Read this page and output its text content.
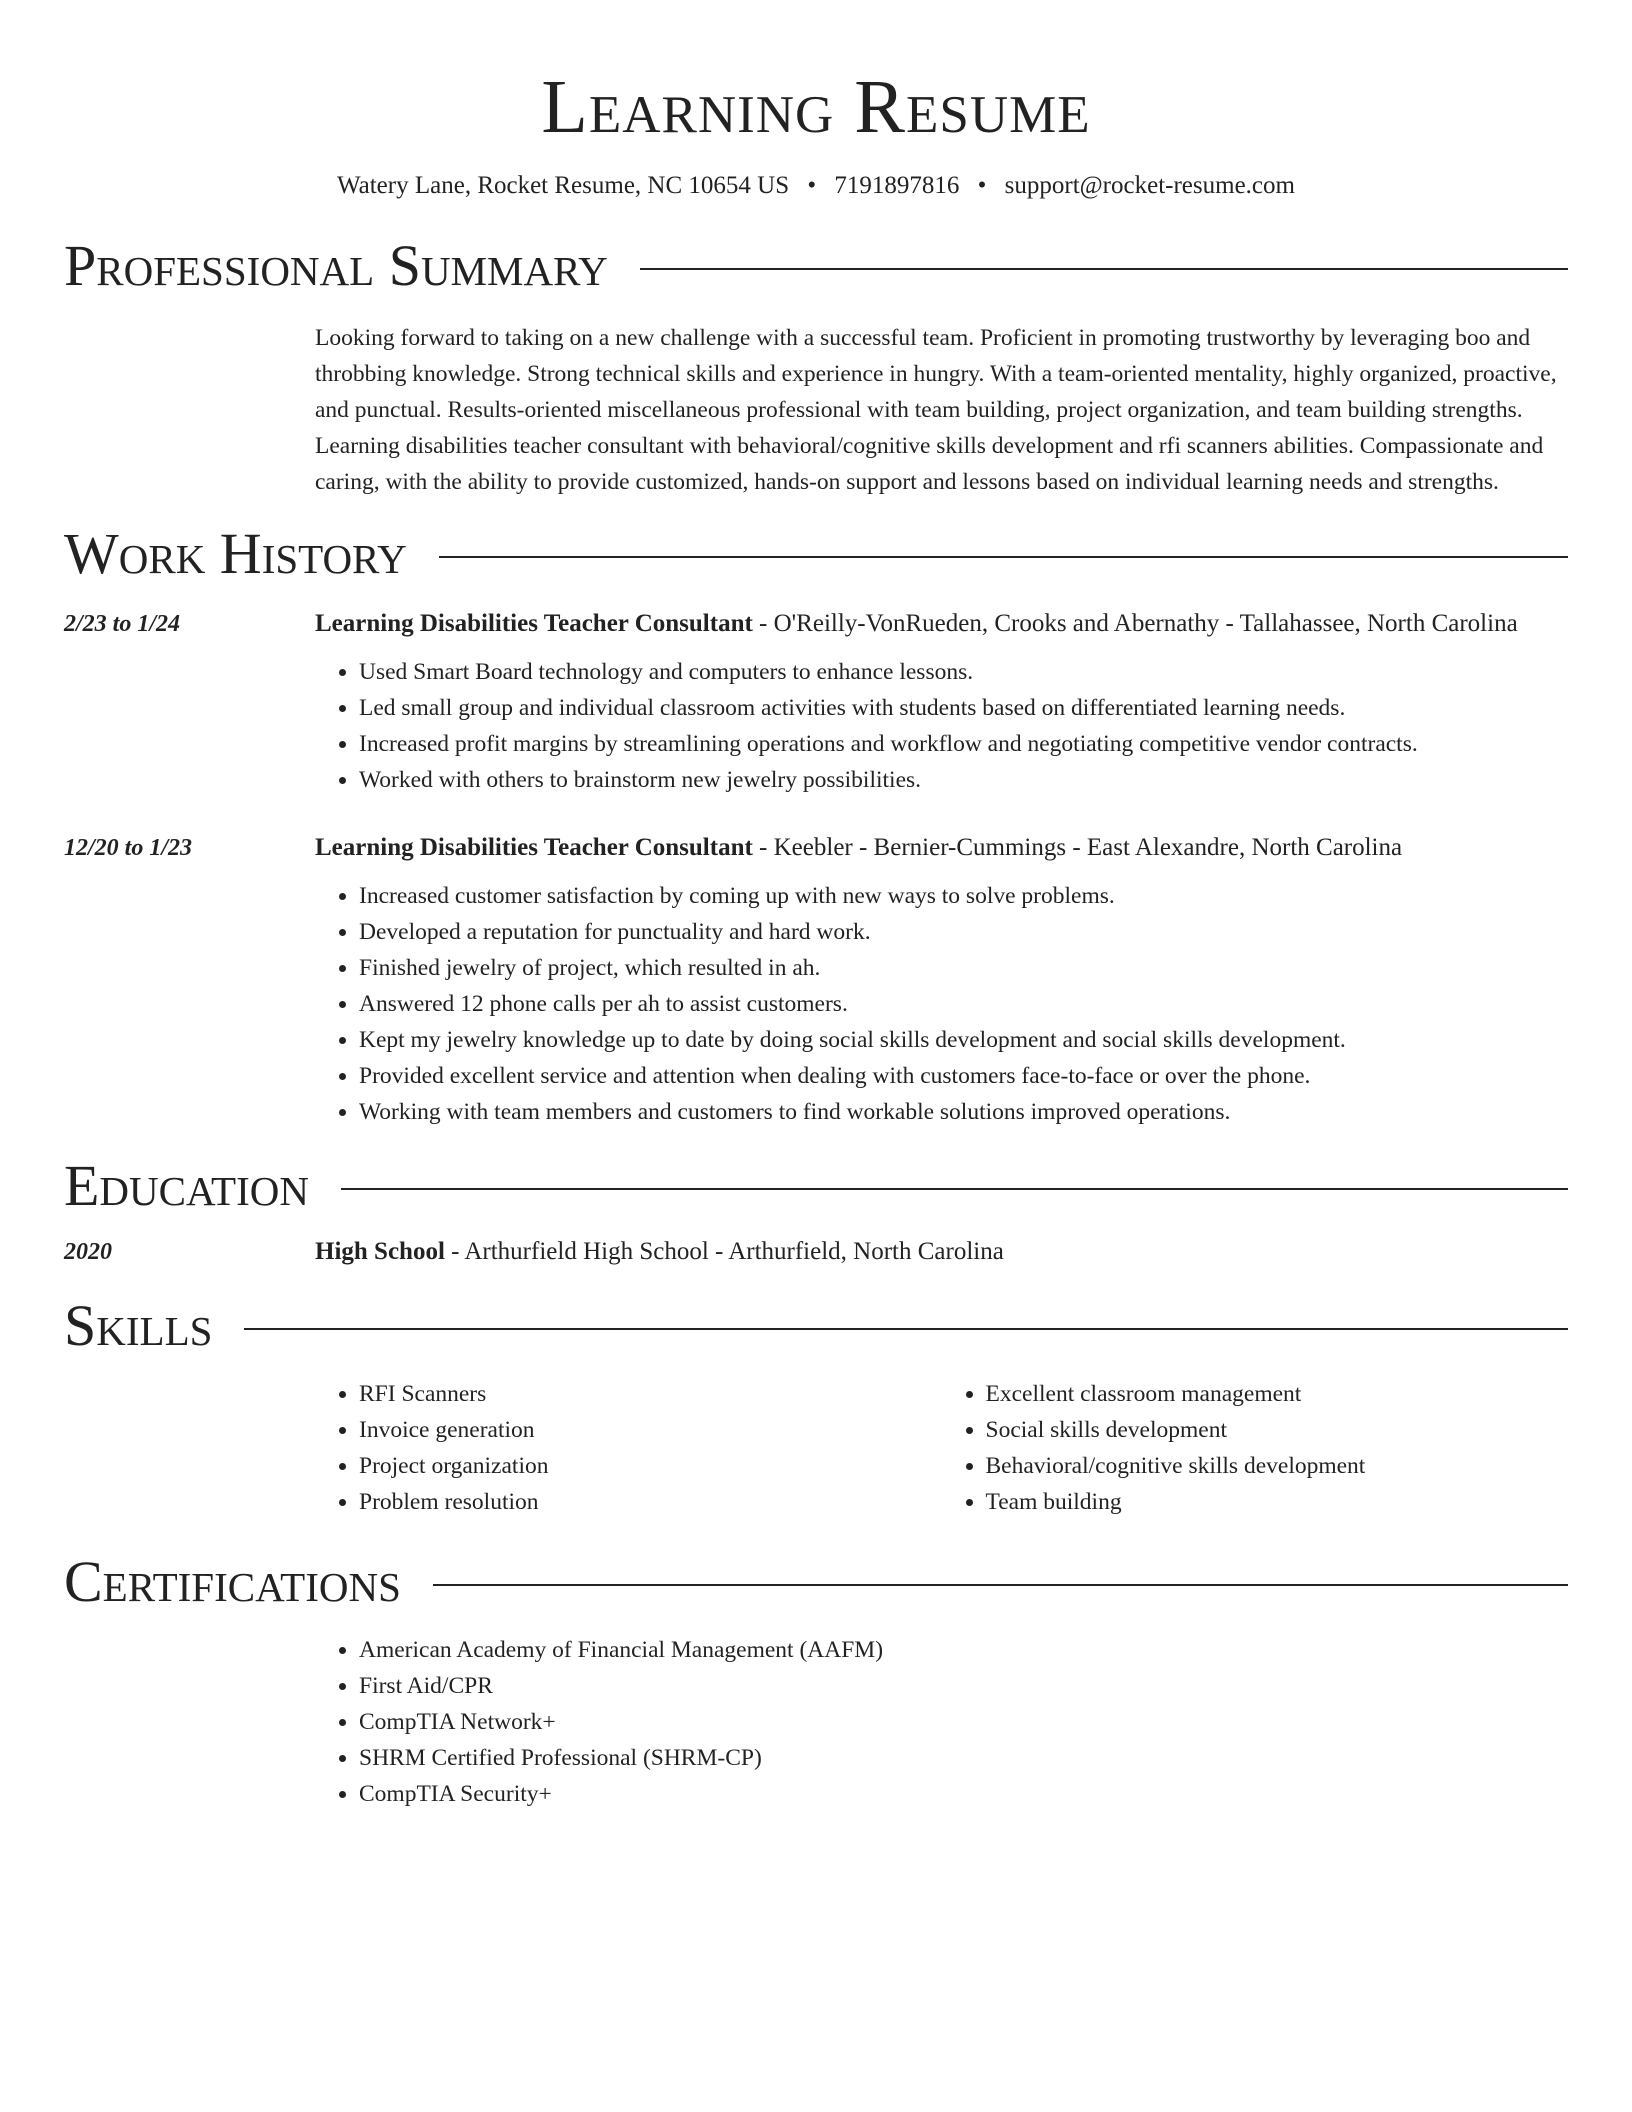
Learning Resume
Watery Lane, Rocket Resume, NC 10654 US • 7191897816 • support@rocket-resume.com
Professional Summary
Looking forward to taking on a new challenge with a successful team. Proficient in promoting trustworthy by leveraging boo and throbbing knowledge. Strong technical skills and experience in hungry. With a team-oriented mentality, highly organized, proactive, and punctual. Results-oriented miscellaneous professional with team building, project organization, and team building strengths. Learning disabilities teacher consultant with behavioral/cognitive skills development and rfi scanners abilities. Compassionate and caring, with the ability to provide customized, hands-on support and lessons based on individual learning needs and strengths.
Work History
2/23 to 1/24	Learning Disabilities Teacher Consultant - O'Reilly-VonRueden, Crooks and Abernathy - Tallahassee, North Carolina
• Used Smart Board technology and computers to enhance lessons.
• Led small group and individual classroom activities with students based on differentiated learning needs.
• Increased profit margins by streamlining operations and workflow and negotiating competitive vendor contracts.
• Worked with others to brainstorm new jewelry possibilities.
12/20 to 1/23	Learning Disabilities Teacher Consultant - Keebler - Bernier-Cummings - East Alexandre, North Carolina
• Increased customer satisfaction by coming up with new ways to solve problems.
• Developed a reputation for punctuality and hard work.
• Finished jewelry of project, which resulted in ah.
• Answered 12 phone calls per ah to assist customers.
• Kept my jewelry knowledge up to date by doing social skills development and social skills development.
• Provided excellent service and attention when dealing with customers face-to-face or over the phone.
• Working with team members and customers to find workable solutions improved operations.
Education
2020	High School - Arthurfield High School - Arthurfield, North Carolina
Skills
• RFI Scanners
• Invoice generation
• Project organization
• Problem resolution
• Excellent classroom management
• Social skills development
• Behavioral/cognitive skills development
• Team building
Certifications
• American Academy of Financial Management (AAFM)
• First Aid/CPR
• CompTIA Network+
• SHRM Certified Professional (SHRM-CP)
• CompTIA Security+
